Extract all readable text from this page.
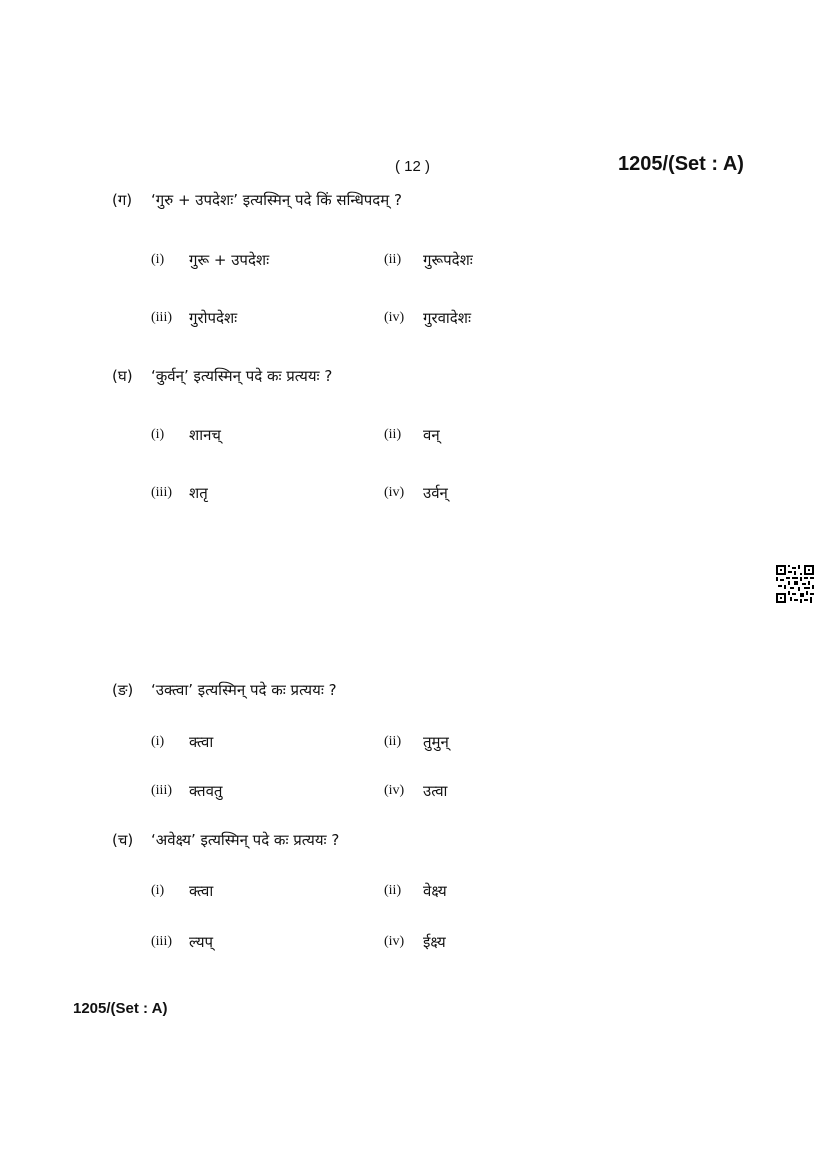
( 12 )	1205/(Set : A)
(ग) ‘गुरु + उपदेशः’ इत्यस्मिन् पदे किं सन्धिपदम् ?
(i) गुरू + उपदेशः	(ii) गुरूपदेशः
(iii) गुरोपदेशः	(iv) गुरवादेशः
(घ) ‘कुर्वन्’ इत्यस्मिन् पदे कः प्रत्ययः ?
(i) शानच्	(ii) वन्
(iii) शतृ	(iv) उर्वन्
(ङ) ‘उक्त्वा’ इत्यस्मिन् पदे कः प्रत्ययः ?
(i) क्त्वा	(ii) तुमुन्
(iii) क्तवतु	(iv) उत्वा
(च) ‘अवेक्ष्य’ इत्यस्मिन् पदे कः प्रत्ययः ?
(i) क्त्वा	(ii) वेक्ष्य
(iii) ल्यप्	(iv) ईक्ष्य
1205/(Set : A)
